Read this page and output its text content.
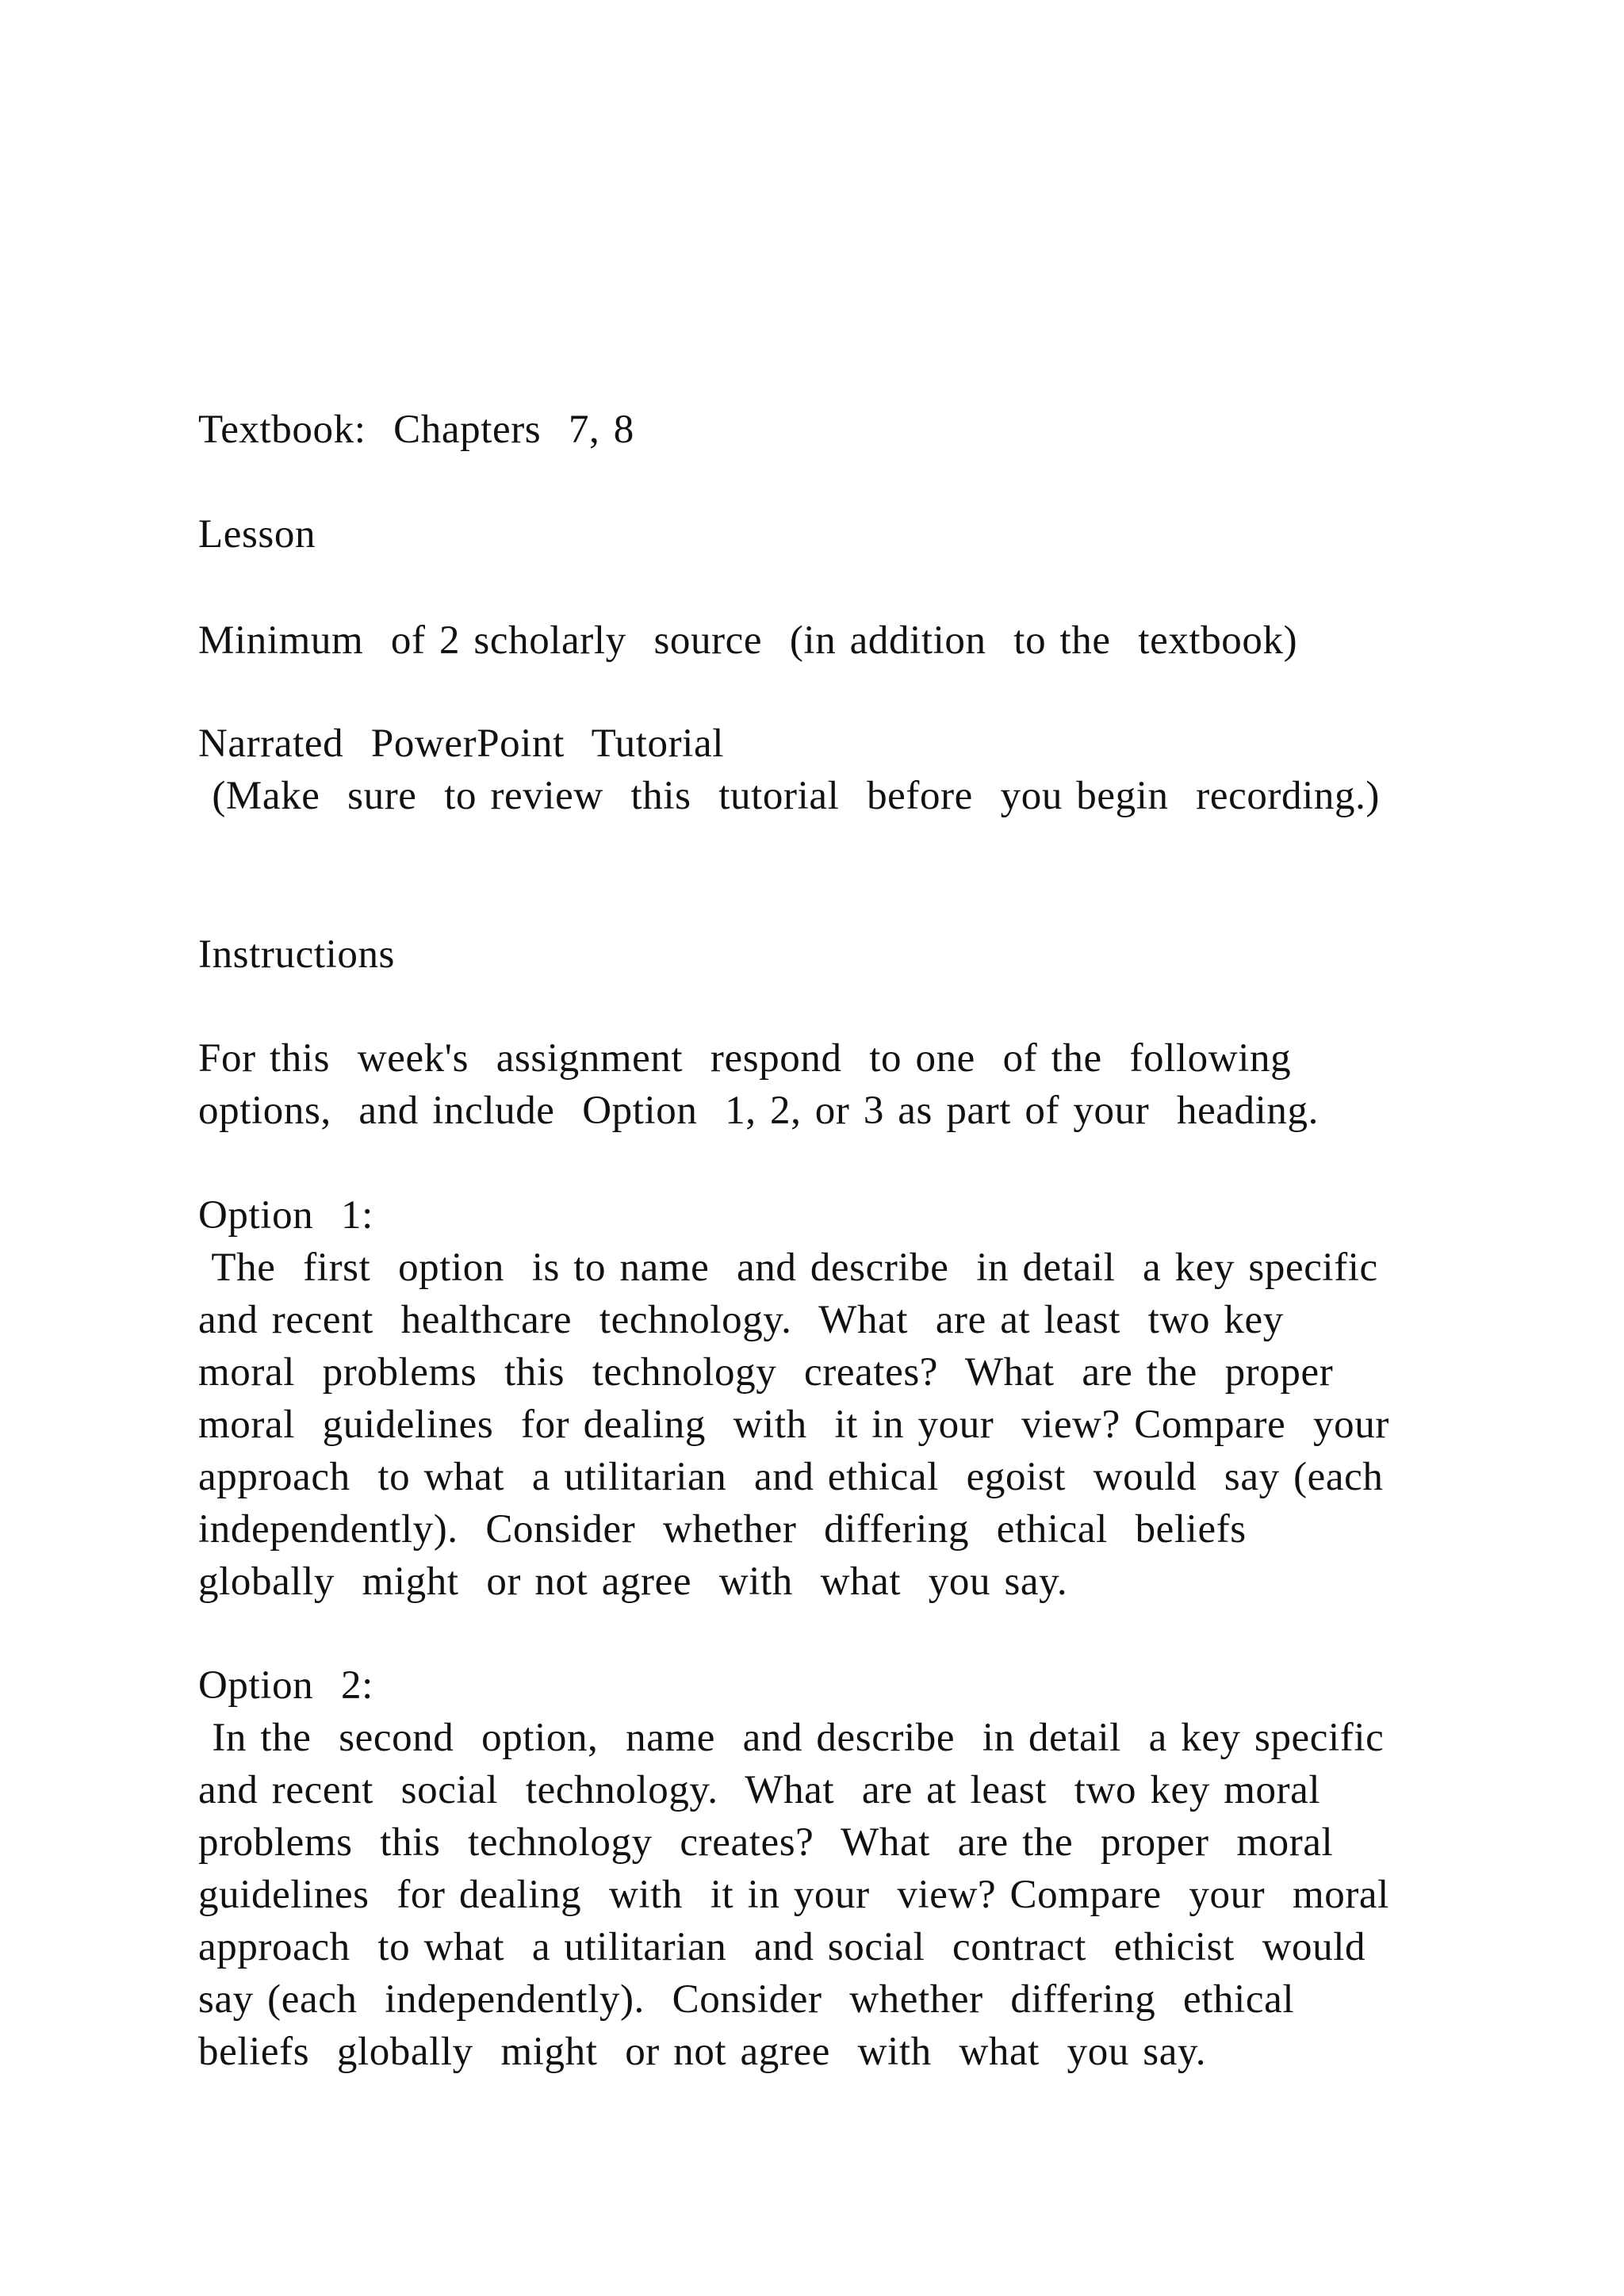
Textbook:  Chapters  7, 8

Lesson

Minimum  of 2 scholarly  source  (in addition  to the  textbook)

Narrated  PowerPoint  Tutorial

(Make  sure  to review  this  tutorial  before  you begin  recording.)

Instructions

For this  week's  assignment  respond  to one  of the  following

options,  and include  Option  1, 2, or 3 as part of your  heading.

Option  1:

The  first  option  is to name  and describe  in detail  a key specific

and recent  healthcare  technology.  What  are at least  two key

moral  problems  this  technology  creates?  What  are the  proper

moral  guidelines  for dealing  with  it in your  view? Compare  your

approach  to what  a utilitarian  and ethical  egoist  would  say (each

independently).  Consider  whether  differing  ethical  beliefs

globally  might  or not agree  with  what  you say.

Option  2:

In the  second  option,  name  and describe  in detail  a key specific

and recent  social  technology.  What  are at least  two key moral

problems  this  technology  creates?  What  are the  proper  moral

guidelines  for dealing  with  it in your  view? Compare  your  moral

approach  to what  a utilitarian  and social  contract  ethicist  would

say (each  independently).  Consider  whether  differing  ethical

beliefs  globally  might  or not agree  with  what  you say.
